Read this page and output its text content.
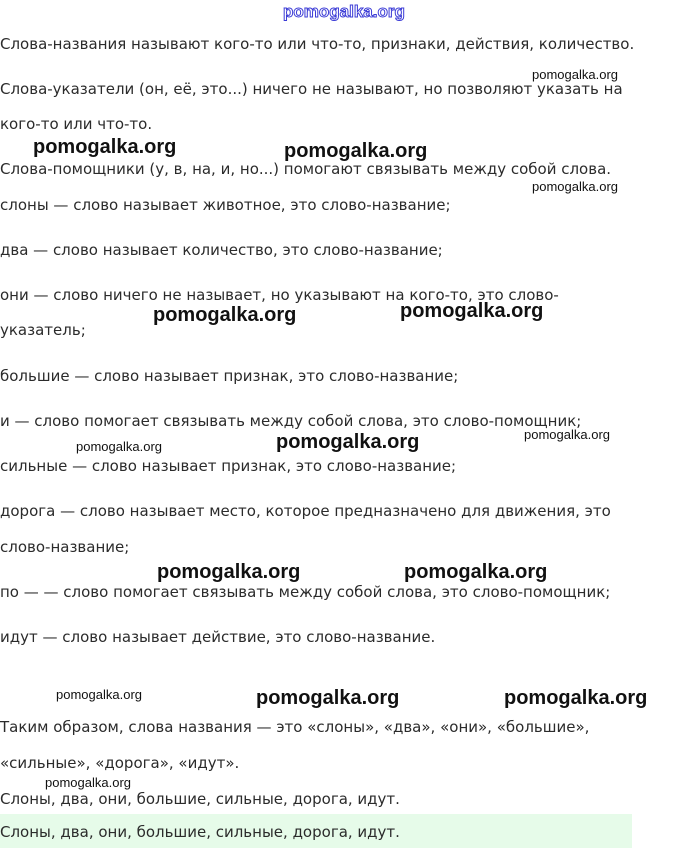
Слова-названия называют кого-то или что-то, признаки, действия, количество.
Слова-указатели (он, её, это...) ничего не называют, но позволяют указать на
кого-то или что-то.
Слова-помощники (у, в, на, и, но...) помогают связывать между собой слова.
слоны — слово называет животное, это слово-название;
два — слово называет количество, это слово-название;
они — слово ничего не называет, но указывают на кого-то, это слово-
указатель;
большие — слово называет признак, это слово-название;
и — слово помогает связывать между собой слова, это слово-помощник;
сильные — слово называет признак, это слово-название;
дорога — слово называет место, которое предназначено для движения, это
слово-название;
по — — слово помогает связывать между собой слова, это слово-помощник;
идут — слово называет действие, это слово-название.
Таким образом, слова названия — это «слоны», «два», «они», «большие»,
«сильные», «дорога», «идут».
Слоны, два, они, большие, сильные, дорога, идут.
Слоны, два, они, большие, сильные, дорога, идут.
pomogalka.org
pomogalka.org
pomogalka.org	pomogalka.org
pomogalka.org
pomogalka.org	pomogalka.org
pomogalka.org
pomogalka.org	pomogalka.org
pomogalka.org	pomogalka.org
pomogalka.org	pomogalka.org	pomogalka.org
pomogalka.org
